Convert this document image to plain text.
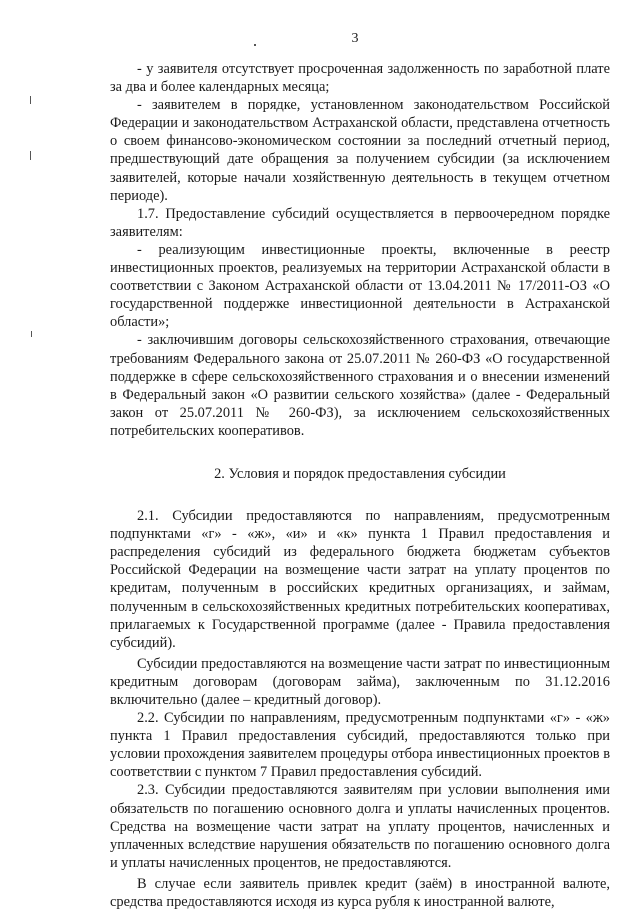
3

- у заявителя отсутствует просроченная задолженность по заработной плате за два и более календарных месяца;

- заявителем в порядке, установленном законодательством Российской Федерации и законодательством Астраханской области, представлена отчетность о своем финансово-экономическом состоянии за последний отчетный период, предшествующий дате обращения за получением субсидии (за исключением заявителей, которые начали хозяйственную деятельность в текущем отчетном периоде).

1.7. Предоставление субсидий осуществляется в первоочередном порядке заявителям:

- реализующим инвестиционные проекты, включенные в реестр инвестиционных проектов, реализуемых на территории Астраханской области в соответствии с Законом Астраханской области от 13.04.2011 № 17/2011-ОЗ «О государственной поддержке инвестиционной деятельности в Астраханской области»;

- заключившим договоры сельскохозяйственного страхования, отвечающие требованиям Федерального закона от 25.07.2011 № 260-ФЗ «О государственной поддержке в сфере сельскохозяйственного страхования и о внесении изменений в Федеральный закон «О развитии сельского хозяйства» (далее - Федеральный закон от 25.07.2011 № 260-ФЗ), за исключением сельскохозяйственных потребительских кооперативов.

2. Условия и порядок предоставления субсидии

2.1. Субсидии предоставляются по направлениям, предусмотренным подпунктами «г» - «ж», «и» и «к» пункта 1 Правил предоставления и распределения субсидий из федерального бюджета бюджетам субъектов Российской Федерации на возмещение части затрат на уплату процентов по кредитам, полученным в российских кредитных организациях, и займам, полученным в сельскохозяйственных кредитных потребительских кооперативах, прилагаемых к Государственной программе (далее - Правила предоставления субсидий).

Субсидии предоставляются на возмещение части затрат по инвестиционным кредитным договорам (договорам займа), заключенным по 31.12.2016 включительно (далее – кредитный договор).

2.2. Субсидии по направлениям, предусмотренным подпунктами «г» - «ж» пункта 1 Правил предоставления субсидий, предоставляются только при условии прохождения заявителем процедуры отбора инвестиционных проектов в соответствии с пунктом 7 Правил предоставления субсидий.

2.3. Субсидии предоставляются заявителям при условии выполнения ими обязательств по погашению основного долга и уплаты начисленных процентов. Средства на возмещение части затрат на уплату процентов, начисленных и уплаченных вследствие нарушения обязательств по погашению основного долга и уплаты начисленных процентов, не предоставляются.

В случае если заявитель привлек кредит (заём) в иностранной валюте, средства предоставляются исходя из курса рубля к иностранной валюте,
